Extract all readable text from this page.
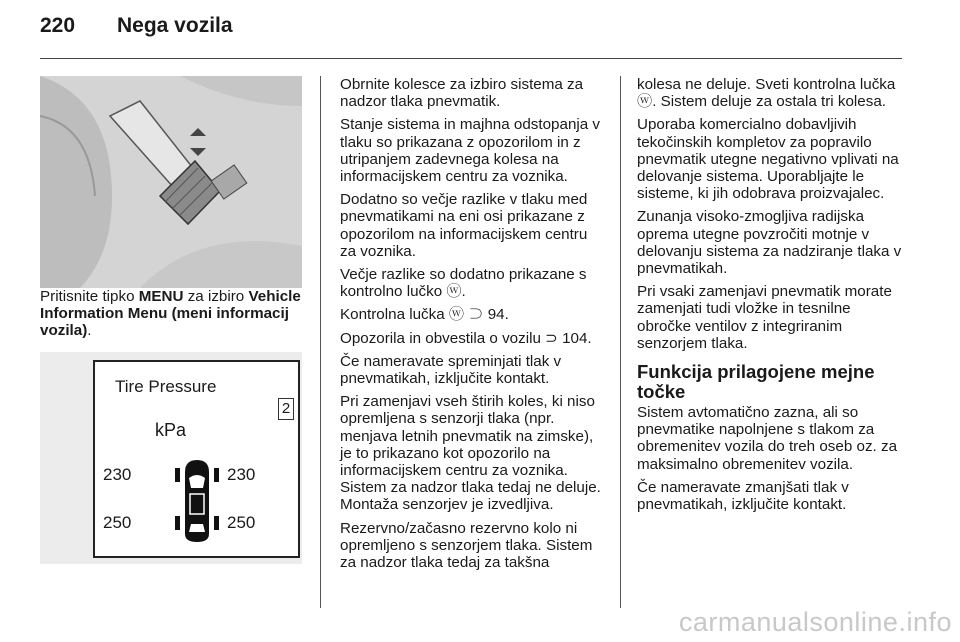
220 Nega vozila

Pritisnite tipko MENU za izbiro Vehicle Information Menu (meni informacij vozila).

Tire Pressure
2
kPa
230	230
250	250

Obrnite kolesce za izbiro sistema za nadzor tlaka pnevmatik.

Stanje sistema in majhna odstopanja v tlaku so prikazana z opozorilom in z utripanjem zadevnega kolesa na informacijskem centru za voznika.

Dodatno so večje razlike v tlaku med pnevmatikami na eni osi prikazane z opozorilom na informacijskem centru za voznika.

Večje razlike so dodatno prikazane s kontrolno lučko ⓦ.

Kontrolna lučka ⓦ ⊃ 94.

Opozorila in obvestila o vozilu ⊃ 104.

Če nameravate spreminjati tlak v pnevmatikah, izključite kontakt.

Pri zamenjavi vseh štirih koles, ki niso opremljena s senzorji tlaka (npr. menjava letnih pnevmatik na zimske), je to prikazano kot opozorilo na informacijskem centru za voznika. Sistem za nadzor tlaka tedaj ne deluje. Montaža senzorjev je izvedljiva.

Rezervno/začasno rezervno kolo ni opremljeno s senzorjem tlaka. Sistem za nadzor tlaka tedaj za takšna

kolesa ne deluje. Sveti kontrolna lučka ⓦ. Sistem deluje za ostala tri kolesa.

Uporaba komercialno dobavljivih tekočinskih kompletov za popravilo pnevmatik utegne negativno vplivati na delovanje sistema. Uporabljajte le sisteme, ki jih odobrava proizvajalec.

Zunanja visoko-zmogljiva radijska oprema utegne povzročiti motnje v delovanju sistema za nadziranje tlaka v pnevmatikah.

Pri vsaki zamenjavi pnevmatik morate zamenjati tudi vložke in tesnilne obročke ventilov z integriranim senzorjem tlaka.

Funkcija prilagojene mejne točke

Sistem avtomatično zazna, ali so pnevmatike napolnjene s tlakom za obremenitev vozila do treh oseb oz. za maksimalno obremenitev vozila.

Če nameravate zmanjšati tlak v pnevmatikah, izključite kontakt.

carmanualsonline.info
